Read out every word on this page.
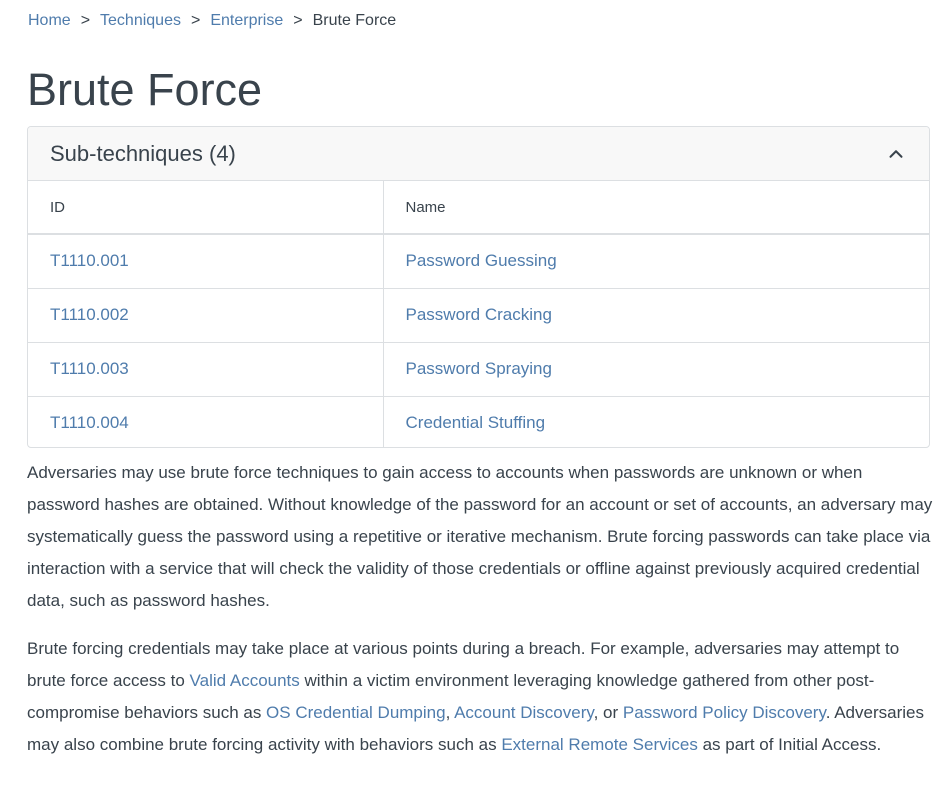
Home > Techniques > Enterprise > Brute Force
Brute Force
Sub-techniques (4)
ID	Name
T1110.001	Password Guessing
T1110.002	Password Cracking
T1110.003	Password Spraying
T1110.004	Credential Stuffing

Adversaries may use brute force techniques to gain access to accounts when passwords are unknown or when password hashes are obtained. Without knowledge of the password for an account or set of accounts, an adversary may systematically guess the password using a repetitive or iterative mechanism. Brute forcing passwords can take place via interaction with a service that will check the validity of those credentials or offline against previously acquired credential data, such as password hashes.

Brute forcing credentials may take place at various points during a breach. For example, adversaries may attempt to brute force access to Valid Accounts within a victim environment leveraging knowledge gathered from other post-compromise behaviors such as OS Credential Dumping, Account Discovery, or Password Policy Discovery. Adversaries may also combine brute forcing activity with behaviors such as External Remote Services as part of Initial Access.
